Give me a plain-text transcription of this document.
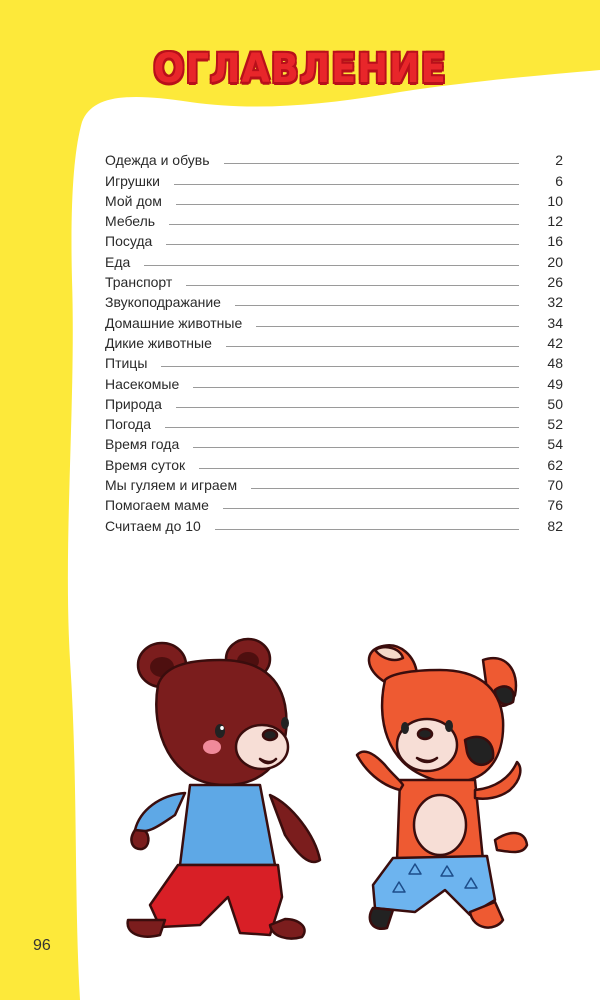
ОГЛАВЛЕНИЕ
Одежда и обувь	2
Игрушки	6
Мой дом	10
Мебель	12
Посуда	16
Еда	20
Транспорт	26
Звукоподражание	32
Домашние животные	34
Дикие животные	42
Птицы	48
Насекомые	49
Природа	50
Погода	52
Время года	54
Время суток	62
Мы гуляем и играем	70
Помогаем маме	76
Считаем до 10	82
96
